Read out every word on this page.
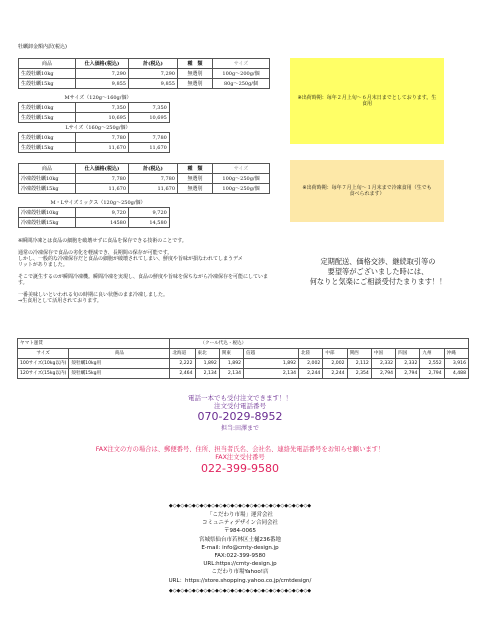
牡蠣卸金額内訳(税込)
商品	仕入価格(税込)	計(税込)		種　類	サイズ
生殻牡蠣10kg	7,290	7,290		無選別	100g〜200g/個
生殻牡蠣15kg	9,855	9,855		無選別	80g〜250g/個

Mサイズ（120g〜160g/個）					
生殻牡蠣10kg	7,350	7,350			
生殻牡蠣15kg	10,695	10,695			
Lサイズ（160g〜250g/個）					
生殻牡蠣10kg	7,780	7,780			
生殻牡蠣15kg	11,670	11,670			
※出荷時期：毎年２月上旬〜６月末日までとしております。生食用
商品	仕入価格(税込)	計(税込)		種　類	サイズ
冷凍殻牡蠣10kg	7,780	7,780		無選別	100g〜250g/個
冷凍殻牡蠣15kg	11,670	11,670		無選別	100g〜250g/個

M・Lサイズミックス（120g〜250g/個）					
冷凍殻牡蠣10kg	9,720	9,720			
冷凍殻牡蠣15kg	14580	14,580			
※出荷時期：毎年７月上旬〜１月末まで冷凍食用（生でも食べられます）
※瞬間冷凍とは食品の細胞を破壊せずに食品を保存できる技術のことです。
通常の冷凍保存で食品の劣化を軽減でき、長期間の保存が可能です。
しかし、一般的な冷凍保存だと食品の細胞が破壊されてしまい、鮮度や旨味が損なわれてしまうデメ
リットがありました。
そこで誕生するのが瞬間冷凍機。瞬間冷凍を実現し、食品の鮮度や旨味を保ちながら冷凍保存を可能にしています。
一番美味しいといわれる旬の時期に良い状態のまま冷凍しました。
⇒生食用として活用されております。
定期配送、価格交渉、継続取引等の
要望等がございました時には、
何なりと気楽にご相談受付たまります！！
ヤマト運賃		（クール代込・税込）										
サイズ	商品	北海道	東北	関東	信越	北陸	中部	関西	中国	四国	九州	沖縄
100サイズ(10kg以内)	殻牡蠣10kg用	2,222	1,892	1,892	1,892	2,002	2,002	2,112	2,332	2,332	2,552	3,916
120サイズ(15kg以内)	殻牡蠣15kg用	2,464	2,134	2,134	2,134	2,244	2,244	2,354	2,794	2,794	2,794	4,488
電話一本でも受付注文できます！！
注文受付電話番号
070-2029-8952
担当:田澤まで
FAX注文の方の場合は、郵便番号、住所、担当者氏名、会社名、連絡先電話番号をお知らせ願います！
FAX注文受付番号
022-399-9580
◆◇◆◇◆◇◆◇◆◇◆◇◆◇◆◇◆◇◆◇◆◇◆◇◆◇◆◇◆◇◆◇◆◇◆◇◆
「こだわり市場」運営会社
コミュニティデザイン合同会社
〒984-0065
宮城県仙台市若林区土樋236番地
E-mail: info@cmty-design.jp
FAX:022-399-9580
URL:https://cmty-design.jp
こだわり市場Yahoo!店
URL：https://store.shopping.yahoo.co.jp/cmtdesign/
◆◇◆◇◆◇◆◇◆◇◆◇◆◇◆◇◆◇◆◇◆◇◆◇◆◇◆◇◆◇◆◇◆◇◆◇◆
